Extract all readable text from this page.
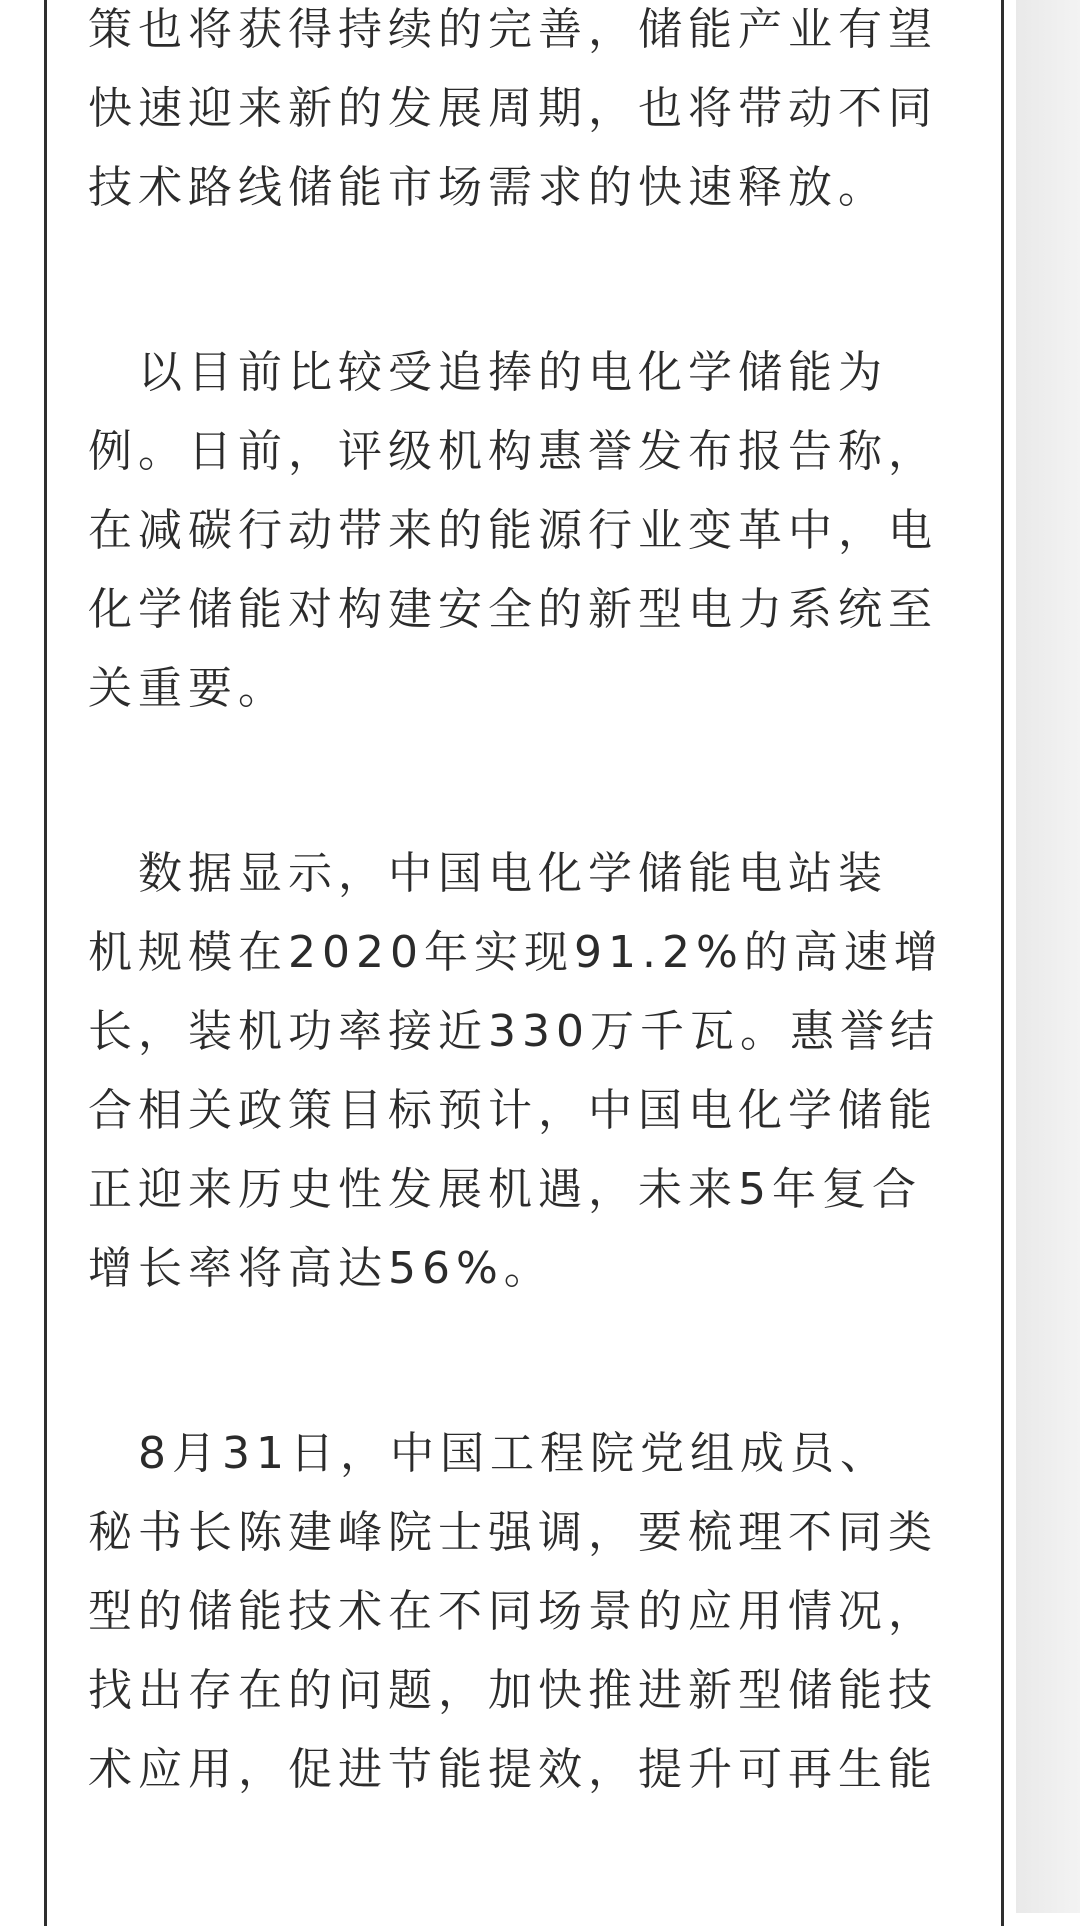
策也将获得持续的完善，储能产业有望
快速迎来新的发展周期，也将带动不同
技术路线储能市场需求的快速释放。

　以目前比较受追捧的电化学储能为
例。日前，评级机构惠誉发布报告称，
在减碳行动带来的能源行业变革中，电
化学储能对构建安全的新型电力系统至
关重要。

　数据显示，中国电化学储能电站装
机规模在2020年实现91.2%的高速增
长，装机功率接近330万千瓦。惠誉结
合相关政策目标预计，中国电化学储能
正迎来历史性发展机遇，未来5年复合
增长率将高达56%。

　8月31日，中国工程院党组成员、
秘书长陈建峰院士强调，要梳理不同类
型的储能技术在不同场景的应用情况，
找出存在的问题，加快推进新型储能技
术应用，促进节能提效，提升可再生能
